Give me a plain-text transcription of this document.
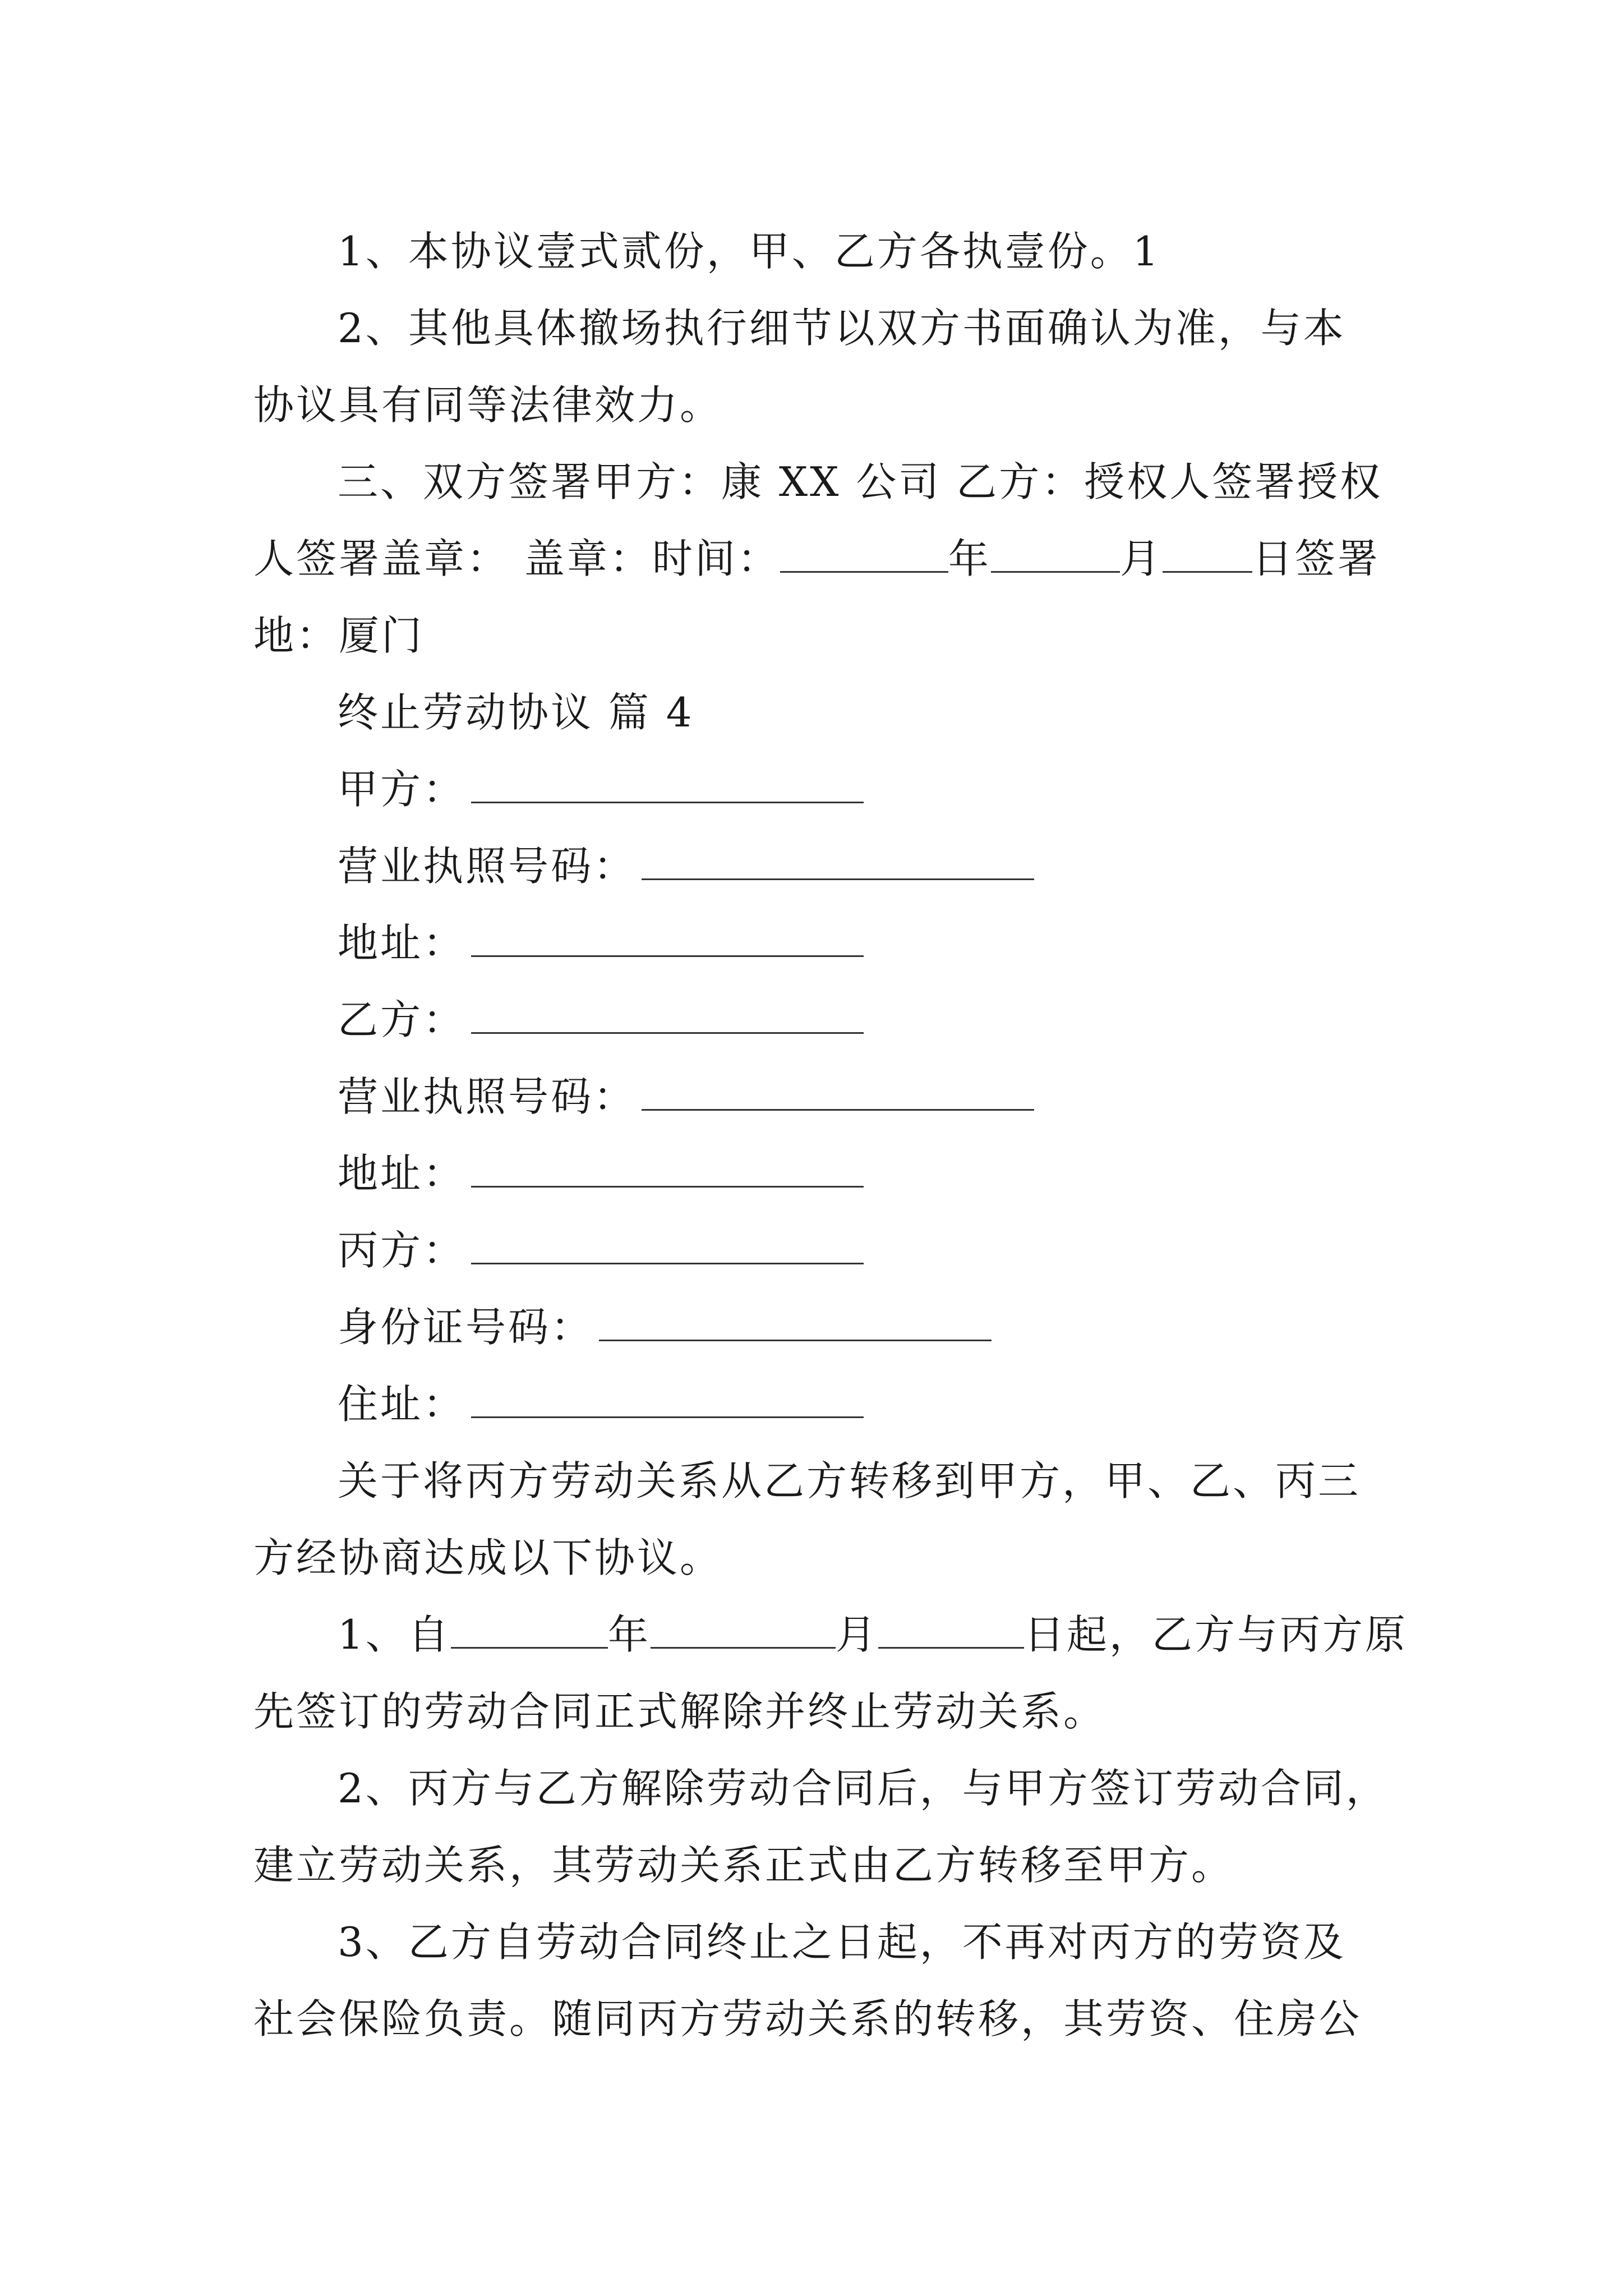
1、本协议壹式贰份，甲、乙方各执壹份。1
2、其他具体撤场执行细节以双方书面确认为准，与本
协议具有同等法律效力。
三、双方签署甲方：康 XX 公司 乙方：授权人签署授权
人签署盖章： 盖章：时间：	年	月 日签署
地：厦门
终止劳动协议 篇 4
甲方：
营业执照号码：
地址：
乙方：
营业执照号码：
地址：
丙方：
身份证号码：
住址：
关于将丙方劳动关系从乙方转移到甲方，甲、乙、丙三
方经协商达成以下协议。
1、自	年	月	日起，乙方与丙方原
先签订的劳动合同正式解除并终止劳动关系。
2、丙方与乙方解除劳动合同后，与甲方签订劳动合同，
建立劳动关系，其劳动关系正式由乙方转移至甲方。
3、乙方自劳动合同终止之日起，不再对丙方的劳资及
社会保险负责。随同丙方劳动关系的转移，其劳资、住房公
